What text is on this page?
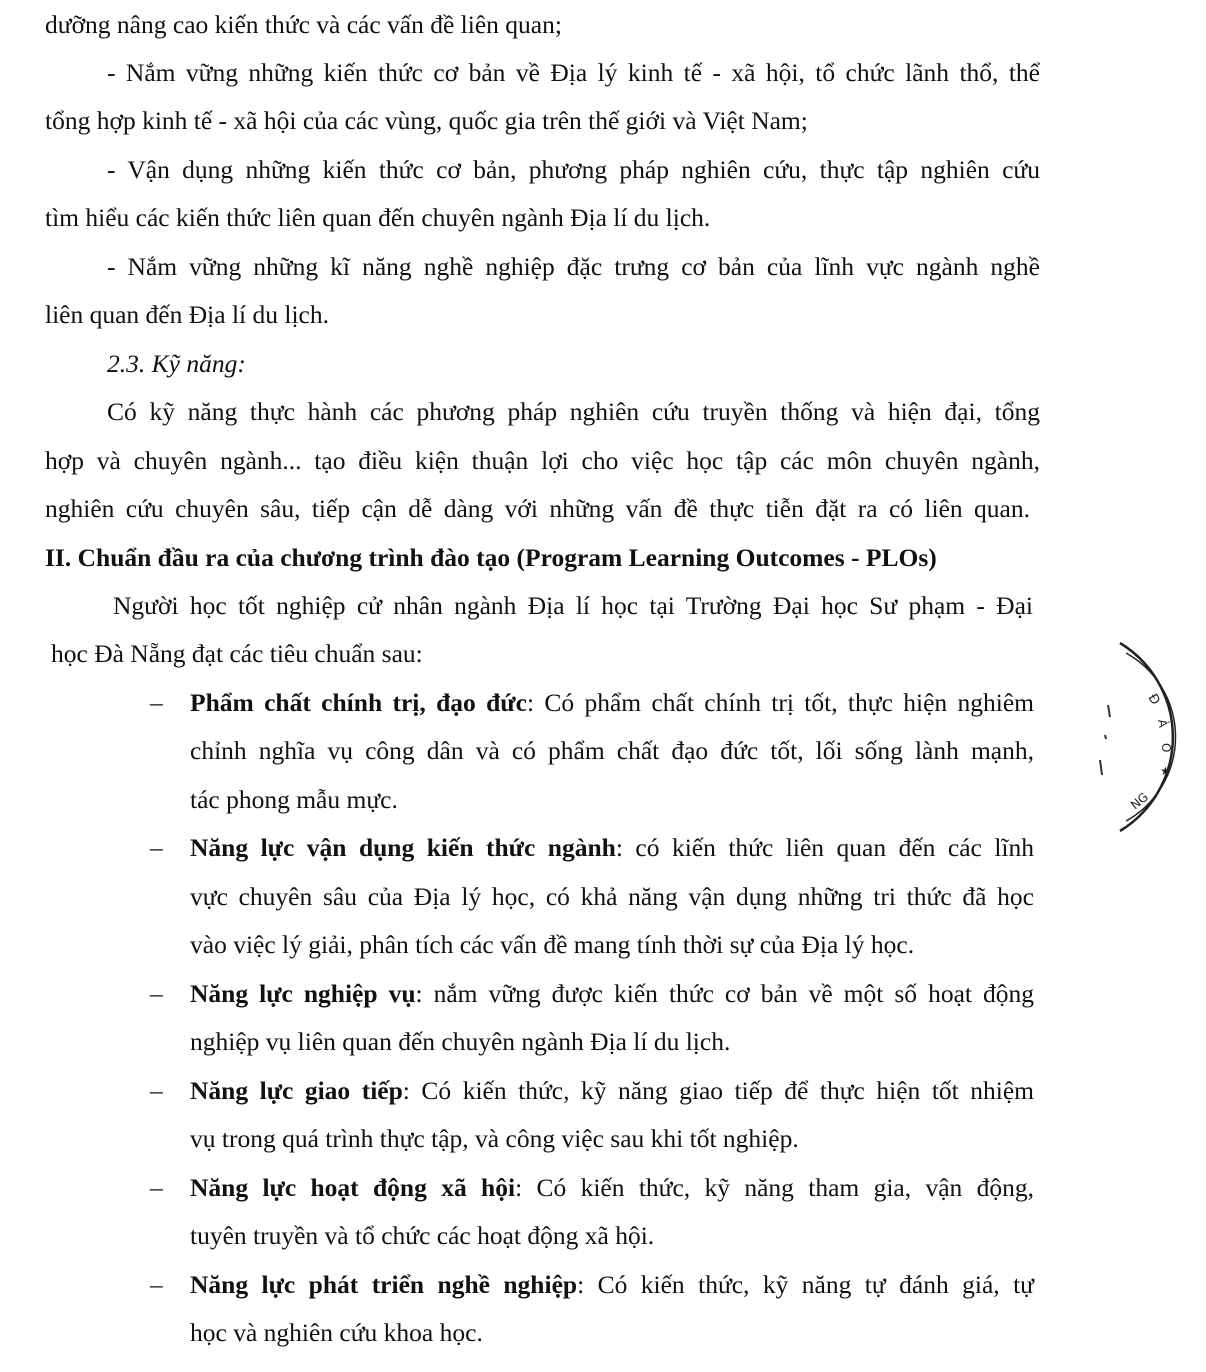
dưỡng nâng cao kiến thức và các vấn đề liên quan;
- Nắm vững những kiến thức cơ bản về Địa lý kinh tế - xã hội, tổ chức lãnh thổ, thể
tổng hợp kinh tế - xã hội của các vùng, quốc gia trên thế giới và Việt Nam;
- Vận dụng những kiến thức cơ bản, phương pháp nghiên cứu, thực tập nghiên cứu
tìm hiểu các kiến thức liên quan đến chuyên ngành Địa lí du lịch.
- Nắm vững những kĩ năng nghề nghiệp đặc trưng cơ bản của lĩnh vực ngành nghề
liên quan đến Địa lí du lịch.
2.3. Kỹ năng:
Có kỹ năng thực hành các phương pháp nghiên cứu truyền thống và hiện đại, tổng
hợp và chuyên ngành... tạo điều kiện thuận lợi cho việc học tập các môn chuyên ngành,
nghiên cứu chuyên sâu, tiếp cận dễ dàng với những vấn đề thực tiễn đặt ra có liên quan.
II. Chuẩn đầu ra của chương trình đào tạo (Program Learning Outcomes - PLOs)
Người học tốt nghiệp cử nhân ngành Địa lí học tại Trường Đại học Sư phạm - Đại
học Đà Nẵng đạt các tiêu chuẩn sau:
– Phẩm chất chính trị, đạo đức: Có phẩm chất chính trị tốt, thực hiện nghiêm
chỉnh nghĩa vụ công dân và có phẩm chất đạo đức tốt, lối sống lành mạnh,
tác phong mẫu mực.
– Năng lực vận dụng kiến thức ngành: có kiến thức liên quan đến các lĩnh
vực chuyên sâu của Địa lý học, có khả năng vận dụng những tri thức đã học
vào việc lý giải, phân tích các vấn đề mang tính thời sự của Địa lý học.
– Năng lực nghiệp vụ: nắm vững được kiến thức cơ bản về một số hoạt động
nghiệp vụ liên quan đến chuyên ngành Địa lí du lịch.
– Năng lực giao tiếp: Có kiến thức, kỹ năng giao tiếp để thực hiện tốt nhiệm
vụ trong quá trình thực tập, và công việc sau khi tốt nghiệp.
– Năng lực hoạt động xã hội: Có kiến thức, kỹ năng tham gia, vận động,
tuyên truyền và tổ chức các hoạt động xã hội.
– Năng lực phát triển nghề nghiệp: Có kiến thức, kỹ năng tự đánh giá, tự
học và nghiên cứu khoa học.
Đ
À
O
★
NG
